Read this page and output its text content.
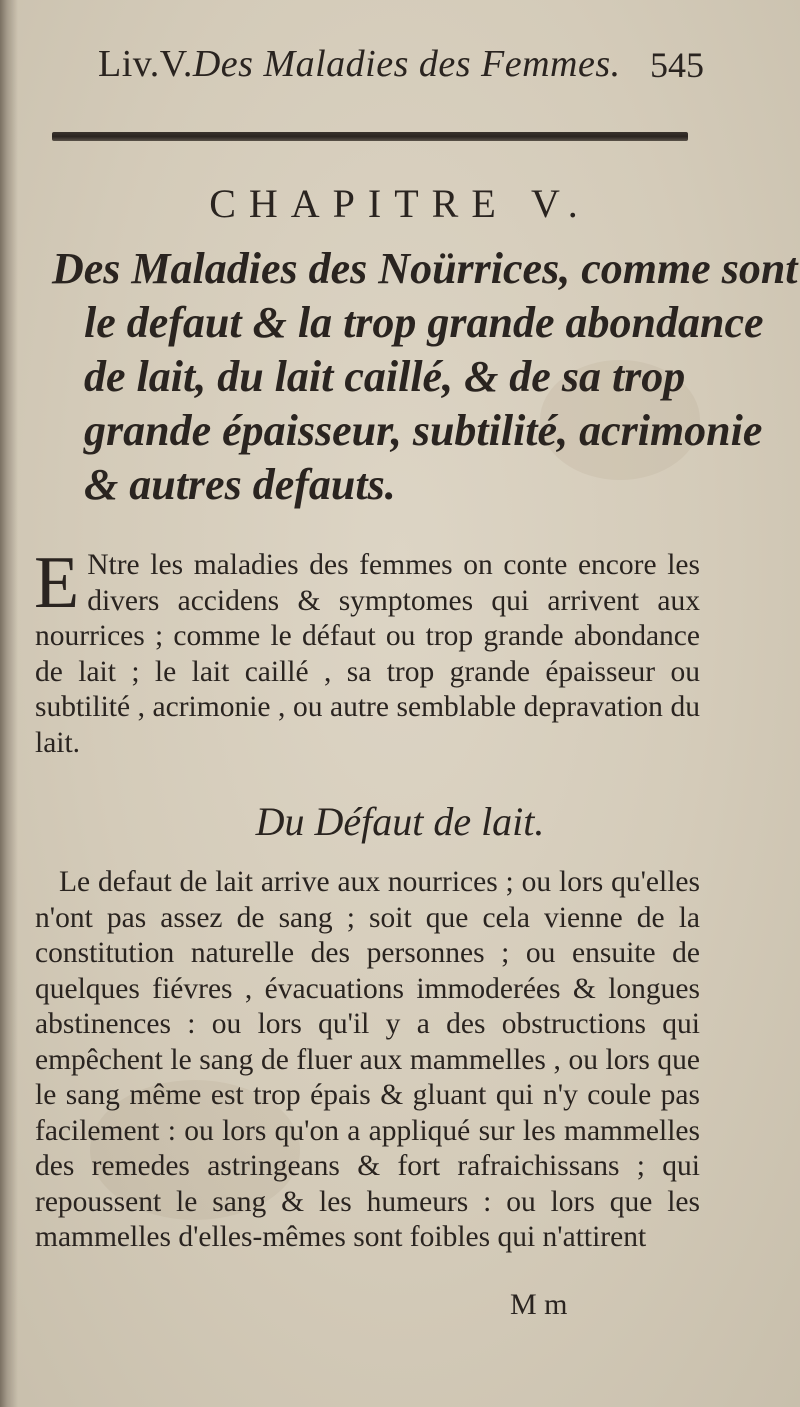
Liv.V.Des Maladies des Femmes. 545
CHAPITRE V.
Des Maladies des Noürrices, comme sont
le defaut & la trop grande abondance
de lait, du lait caillé, & de sa trop
grande épaisseur, subtilité, acrimonie
& autres defauts.

E Ntre les maladies des femmes on conte encore les divers accidens & symptomes qui arrivent aux nourrices ; comme le défaut ou trop grande abondance de lait ; le lait caillé , sa trop grande épaisseur ou subtilité , acrimonie , ou autre semblable depravation du lait.

Du Défaut de lait.

Le defaut de lait arrive aux nourrices ; ou lors qu'elles n'ont pas assez de sang ; soit que cela vienne de la constitution naturelle des personnes ; ou ensuite de quelques fiévres , évacuations immoderées & longues abstinences : ou lors qu'il y a des obstructions qui empêchent le sang de fluer aux mammelles , ou lors que le sang même est trop épais & gluant qui n'y coule pas facilement : ou lors qu'on a appliqué sur les mammelles des remedes astringeans & fort rafraichissans ; qui repoussent le sang & les humeurs : ou lors que les mammelles d'elles-mêmes sont foibles qui n'attirent

M m
